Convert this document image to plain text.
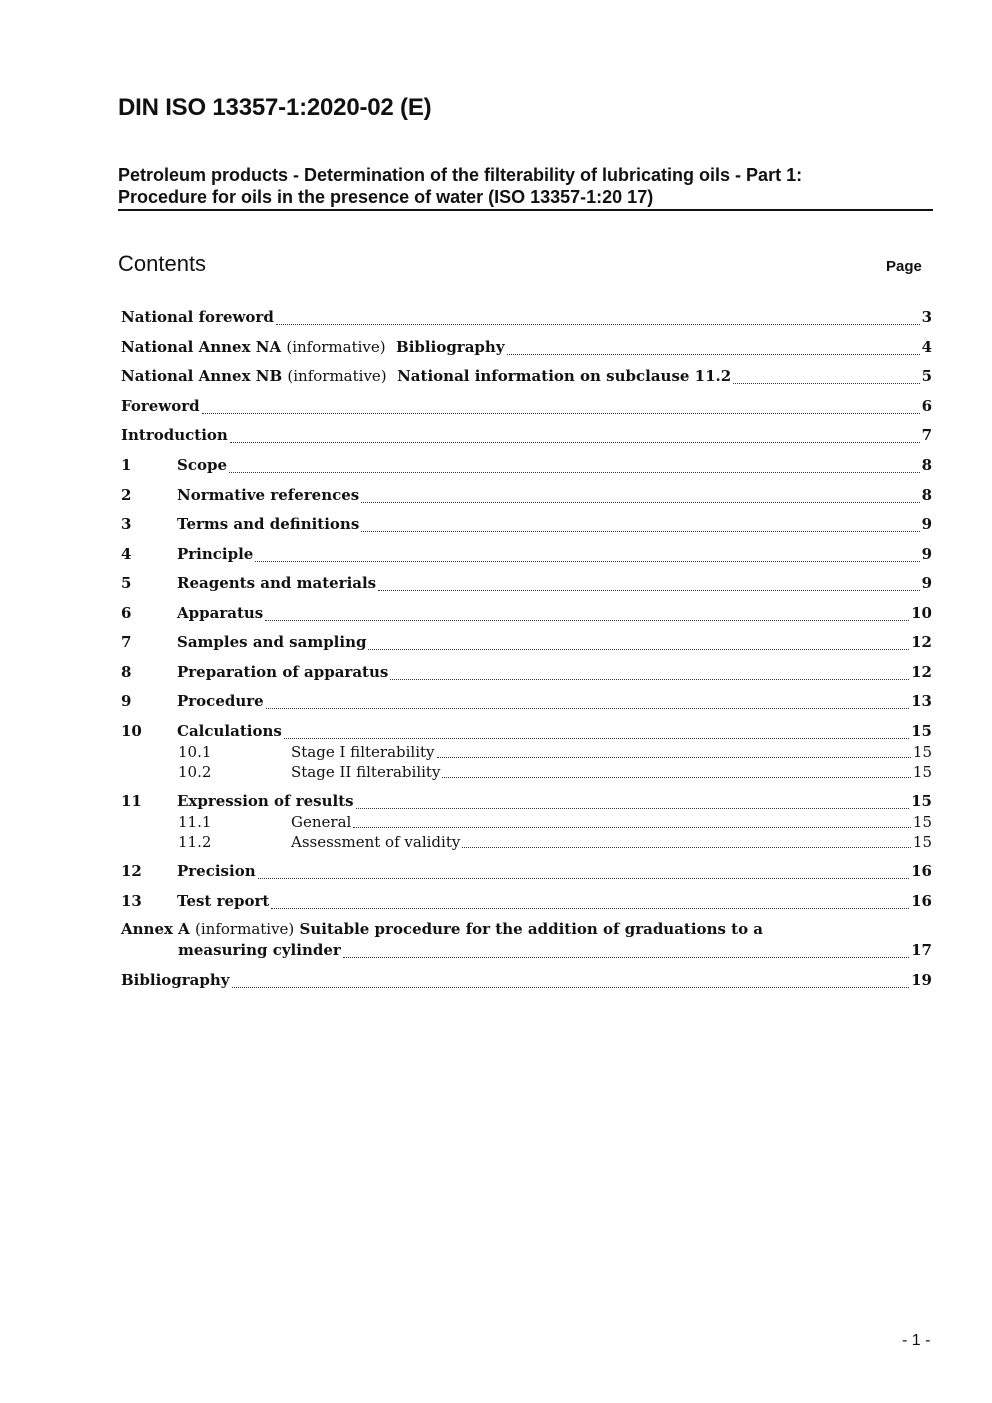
DIN ISO 13357-1:2020-02 (E)
Petroleum products - Determination of the filterability of lubricating oils - Part 1:
Procedure for oils in the presence of water (ISO 13357-1:20 17)
Contents	Page
National foreword	3
National Annex NA (informative)  Bibliography	4
National Annex NB (informative)  National information on subclause 11.2	5
Foreword	6
Introduction	7
1	Scope	8
2	Normative references	8
3	Terms and definitions	9
4	Principle	9
5	Reagents and materials	9
6	Apparatus	10
7	Samples and sampling	12
8	Preparation of apparatus	12
9	Procedure	13
10	Calculations	15
10.1	Stage I filterability	15
10.2	Stage II filterability	15
11	Expression of results	15
11.1	General	15
11.2	Assessment of validity	15
12	Precision	16
13	Test report	16
Annex A (informative) Suitable procedure for the addition of graduations to a
measuring cylinder	17
Bibliography	19
- 1 -
